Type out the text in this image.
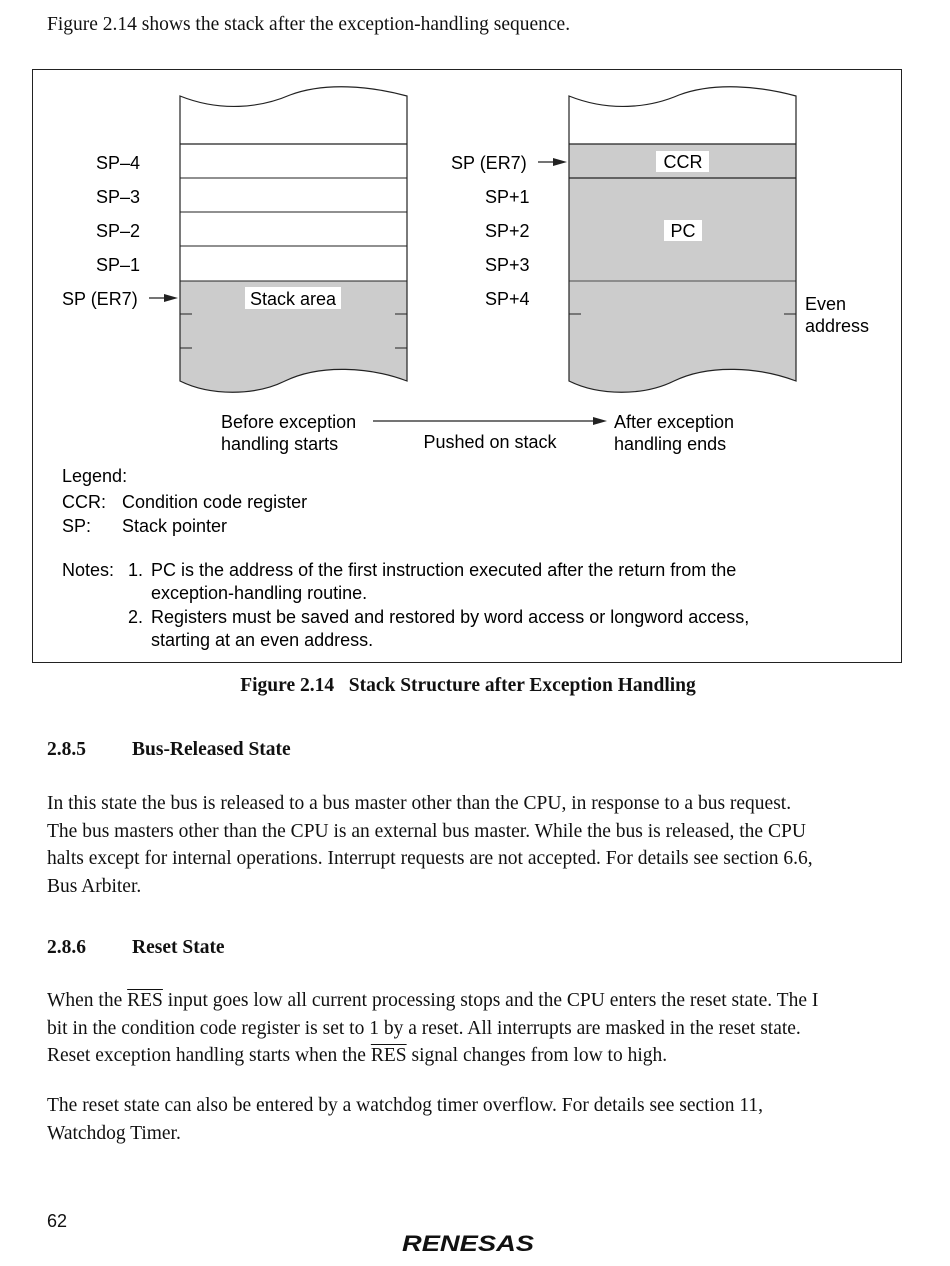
Figure 2.14 shows the stack after the exception-handling sequence.
Stack area
SP–4
SP–3
SP–2
SP–1
SP (ER7)
CCR
PC
SP (ER7)
SP+1
SP+2
SP+3
SP+4	Even
address
Before exception
handling starts	Pushed on stack
After exception
handling ends
Legend:
CCR: Condition code register
SP: Stack pointer
Notes: 1. PC is the address of the first instruction executed after the return from the
exception-handling routine.
2. Registers must be saved and restored by word access or longword access,
starting at an even address.
Figure 2.14   Stack Structure after Exception Handling
2.8.5 Bus-Released State

In this state the bus is released to a bus master other than the CPU, in response to a bus request.

The bus masters other than the CPU is an external bus master. While the bus is released, the CPU

halts except for internal operations. Interrupt requests are not accepted. For details see section 6.6,

Bus Arbiter.

2.8.6 Reset State

When the $\overline{RES}$ input goes low all current processing stops and the CPU enters the reset state. The I

bit in the condition code register is set to 1 by a reset. All interrupts are masked in the reset state.

Reset exception handling starts when the $\overline{RES}$ signal changes from low to high.

The reset state can also be entered by a watchdog timer overflow. For details see section 11,

Watchdog Timer.

62
RENESAS
